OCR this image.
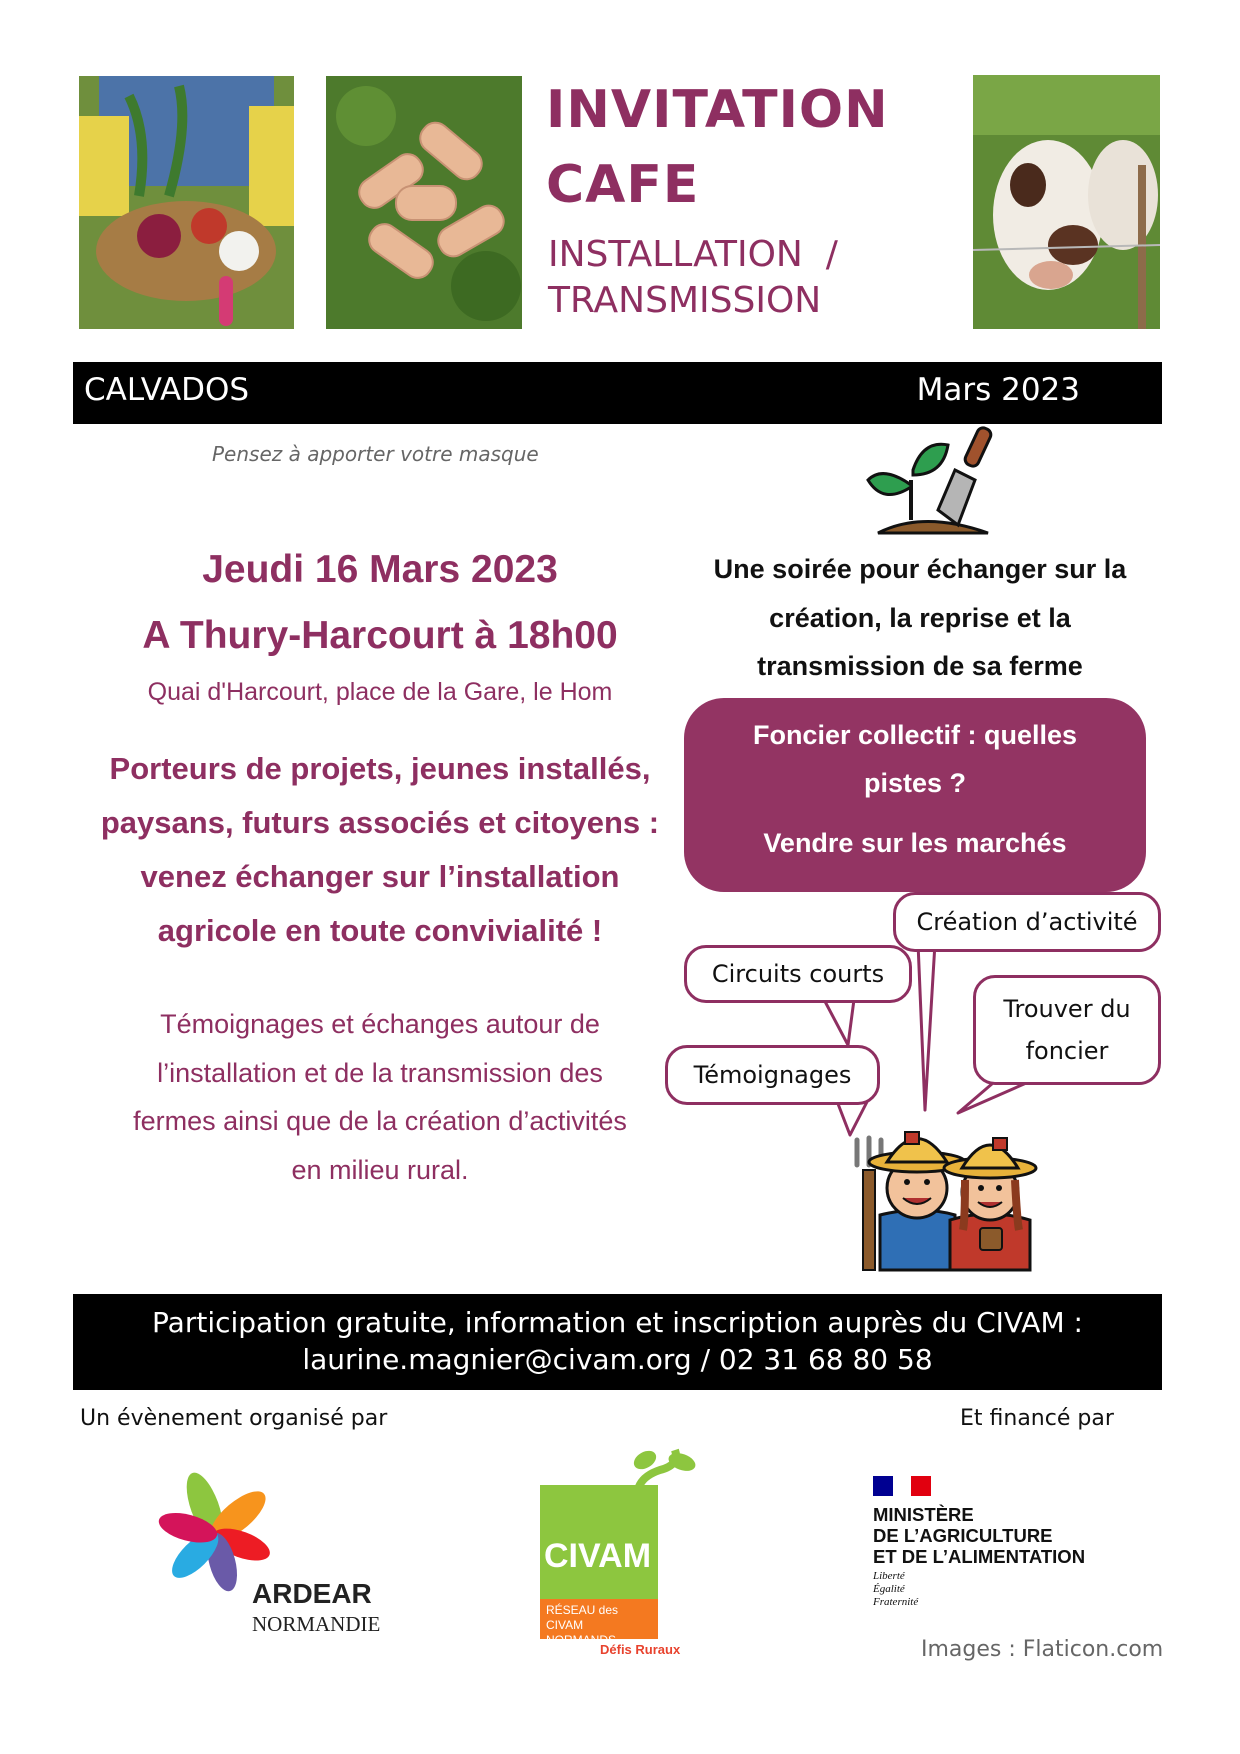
INVITATION
CAFE
INSTALLATION  /
TRANSMISSION
CALVADOS	Mars 2023
Pensez à apporter votre masque
Jeudi 16 Mars 2023
A Thury-Harcourt à 18h00
Quai d'Harcourt, place de la Gare, le Hom
Porteurs de projets, jeunes installés,
paysans, futurs associés et citoyens :
venez échanger sur l’installation
agricole en toute convivialité !
Témoignages et échanges autour de
l’installation et de la transmission des
fermes ainsi que de la création d’activités
en milieu rural.
Une soirée pour échanger sur la
création, la reprise et la
transmission de sa ferme
Foncier collectif : quelles
pistes ?
Vendre sur les marchés
Création d’activité
Circuits courts
Trouver du
foncier
Témoignages
Participation gratuite, information et inscription auprès du CIVAM :
laurine.magnier@civam.org / 02 31 68 80 58
Un évènement organisé par	Et financé par
ARDEAR
NORMANDIE
CIVAM
RÉSEAU des CIVAM
NORMANDS
Défis Ruraux
MINISTÈRE
DE L’AGRICULTURE
ET DE L’ALIMENTATION
Liberté
Égalité
Fraternité
Images : Flaticon.com
